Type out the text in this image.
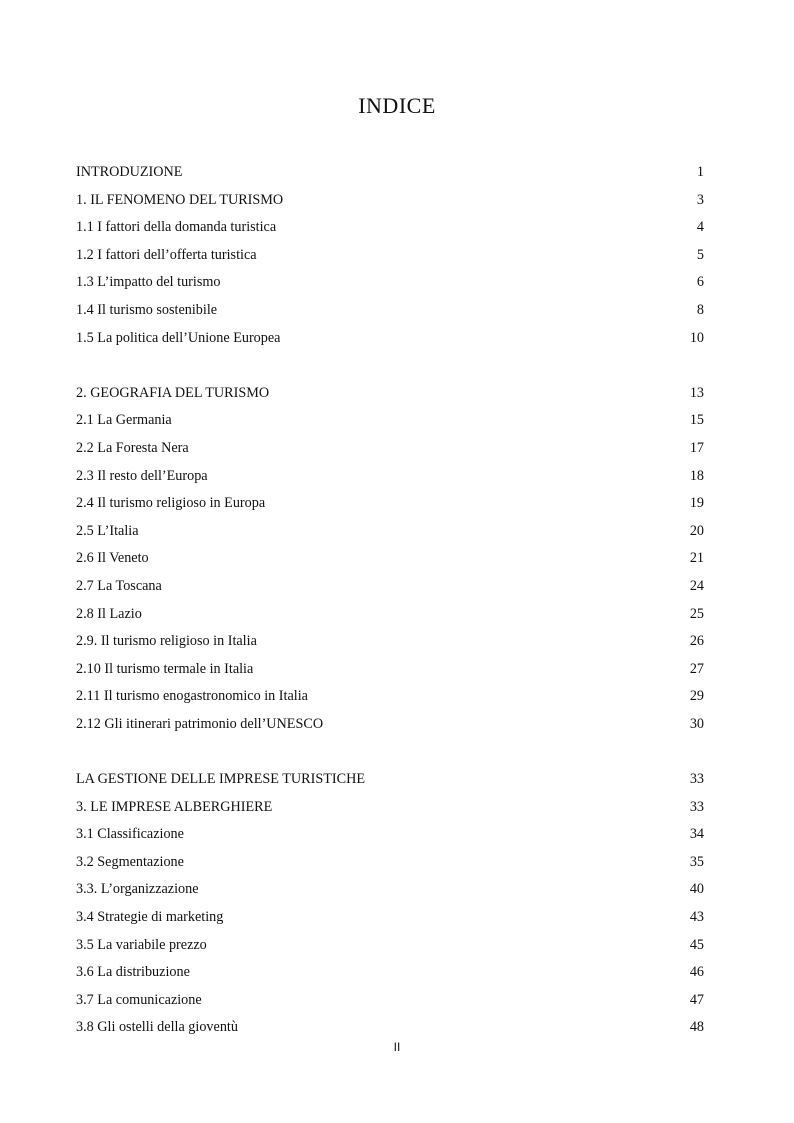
INDICE
INTRODUZIONE	1
1. IL FENOMENO DEL TURISMO	3
1.1 I fattori della domanda turistica	4
1.2 I fattori dell’offerta turistica	5
1.3 L’impatto del turismo	6
1.4 Il turismo sostenibile	8
1.5 La politica dell’Unione Europea	10
2. GEOGRAFIA DEL TURISMO	13
2.1 La Germania	15
2.2 La Foresta Nera	17
2.3 Il resto dell’Europa	18
2.4 Il turismo religioso in Europa	19
2.5 L’Italia	20
2.6 Il Veneto	21
2.7 La Toscana	24
2.8 Il Lazio	25
2.9. Il turismo religioso in Italia	26
2.10 Il turismo termale in Italia	27
2.11 Il turismo enogastronomico in Italia	29
2.12 Gli itinerari patrimonio dell’UNESCO	30
LA GESTIONE DELLE IMPRESE TURISTICHE	33
3. LE IMPRESE ALBERGHIERE	33
3.1 Classificazione	34
3.2 Segmentazione	35
3.3. L’organizzazione	40
3.4 Strategie di marketing	43
3.5 La variabile prezzo	45
3.6 La distribuzione	46
3.7 La comunicazione	47
3.8 Gli ostelli della gioventù	48
II
